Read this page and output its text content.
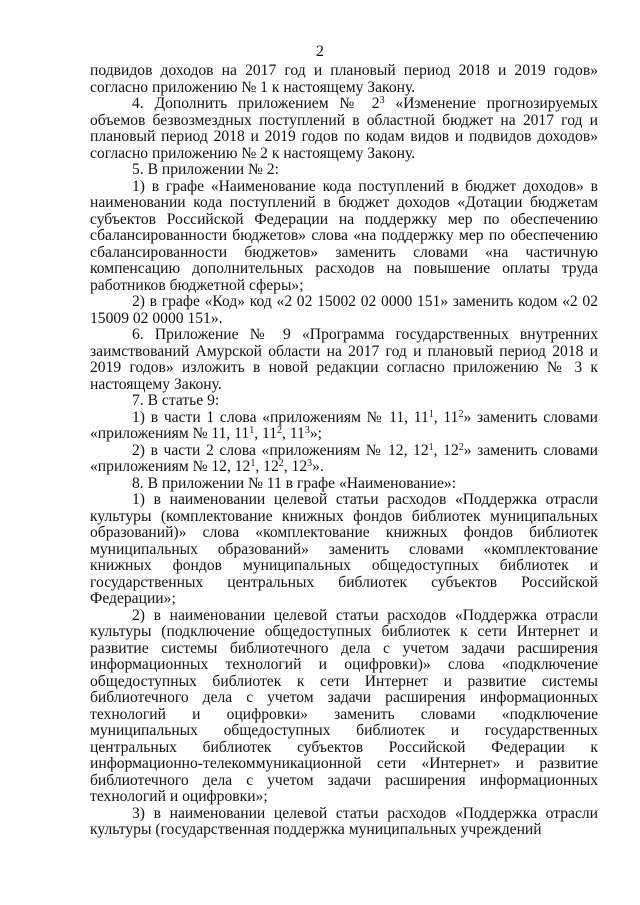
2

подвидов доходов на 2017 год и плановый период 2018 и 2019 годов» согласно приложению № 1 к настоящему Закону.

4. Дополнить приложением № $2^3$ «Изменение прогнозируемых объемов безвозмездных поступлений в областной бюджет на 2017 год и плановый период 2018 и 2019 годов по кодам видов и подвидов доходов» согласно приложению № 2 к настоящему Закону.

5. В приложении № 2:

1) в графе «Наименование кода поступлений в бюджет доходов» в наименовании кода поступлений в бюджет доходов «Дотации бюджетам субъектов Российской Федерации на поддержку мер по обеспечению сбалансированности бюджетов» слова «на поддержку мер по обеспечению сбалансированности бюджетов» заменить словами «на частичную компенсацию дополнительных расходов на повышение оплаты труда работников бюджетной сферы»;

2) в графе «Код» код «2 02 15002 02 0000 151» заменить кодом «2 02 15009 02 0000 151».

6. Приложение № 9 «Программа государственных внутренних заимствований Амурской области на 2017 год и плановый период 2018 и 2019 годов» изложить в новой редакции согласно приложению № 3 к настоящему Закону.

7. В статье 9:

1) в части 1 слова «приложениям № 11, $11^1$, $11^2$» заменить словами «приложениям № 11, $11^1$, $11^2$, $11^3$»;

2) в части 2 слова «приложениям № 12, $12^1$, $12^2$» заменить словами «приложениям № 12, $12^1$, $12^2$, $12^3$».

8. В приложении № 11 в графе «Наименование»:

1) в наименовании целевой статьи расходов «Поддержка отрасли культуры (комплектование книжных фондов библиотек муниципальных образований)» слова «комплектование книжных фондов библиотек муниципальных образований» заменить словами «комплектование книжных фондов муниципальных общедоступных библиотек и государственных центральных библиотек субъектов Российской Федерации»;

2) в наименовании целевой статьи расходов «Поддержка отрасли культуры (подключение общедоступных библиотек к сети Интернет и развитие системы библиотечного дела с учетом задачи расширения информационных технологий и оцифровки)» слова «подключение общедоступных библиотек к сети Интернет и развитие системы библиотечного дела с учетом задачи расширения информационных технологий и оцифровки» заменить словами «подключение муниципальных общедоступных библиотек и государственных центральных библиотек субъектов Российской Федерации к информационно-телекоммуникационной сети «Интернет» и развитие библиотечного дела с учетом задачи расширения информационных технологий и оцифровки»;

3) в наименовании целевой статьи расходов «Поддержка отрасли культуры (государственная поддержка муниципальных учреждений
